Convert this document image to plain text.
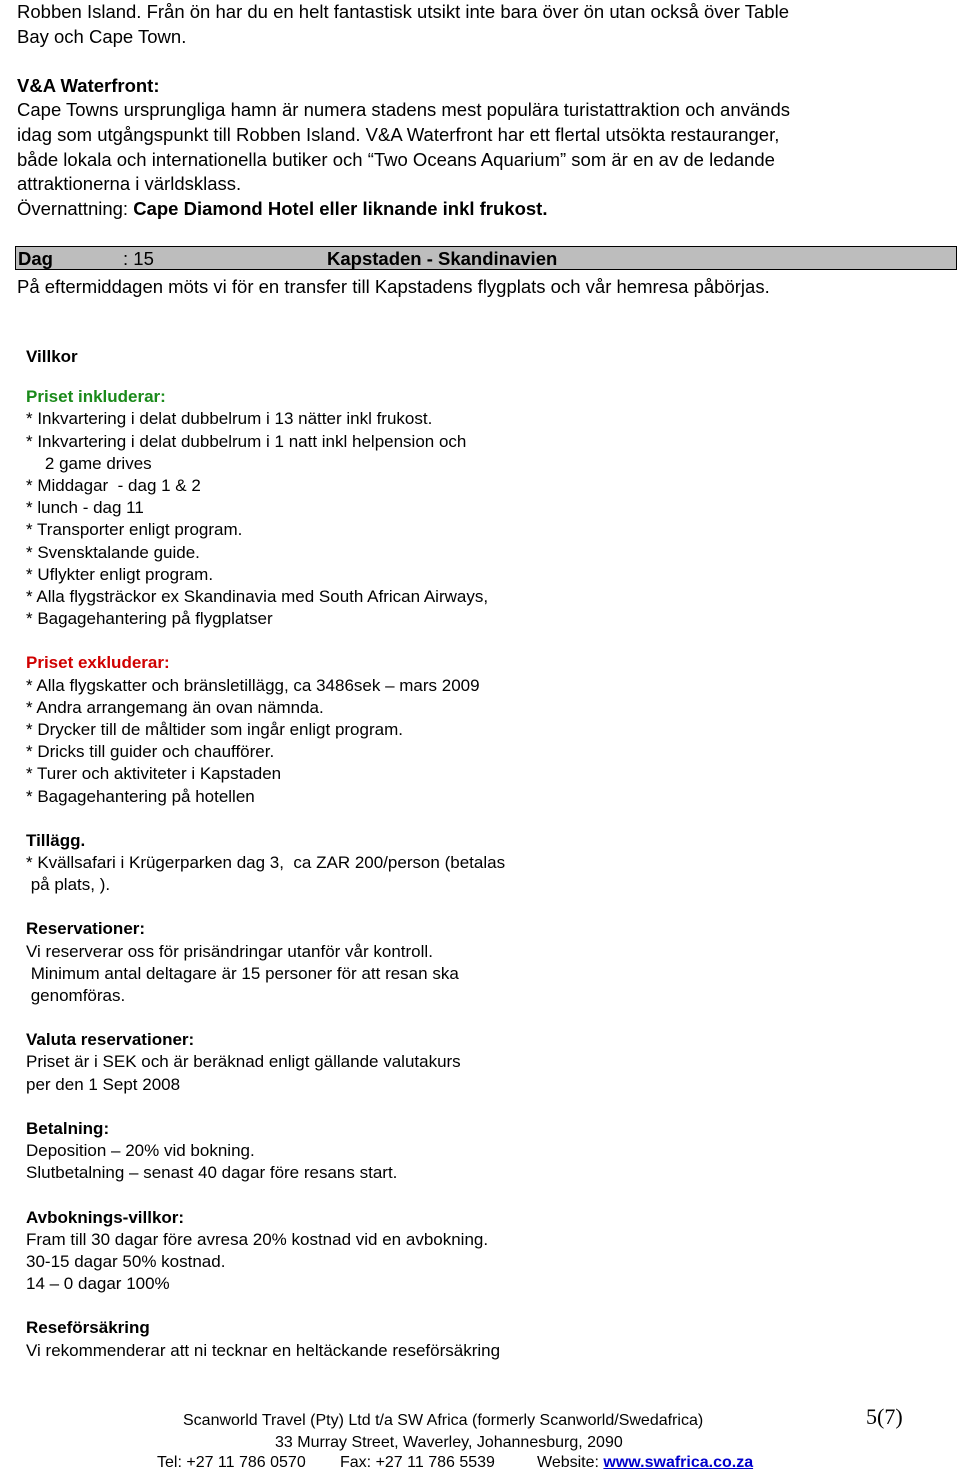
Robben Island. Från ön har du en helt fantastisk utsikt inte bara över ön utan också över Table

Bay och Cape Town.

V&A Waterfront:

Cape Towns ursprungliga hamn är numera stadens mest populära turistattraktion och används

idag som utgångspunkt till Robben Island. V&A Waterfront har ett flertal utsökta restauranger,

både lokala och internationella butiker och “Two Oceans Aquarium” som är en av de ledande

attraktionerna i världsklass.

Övernattning: Cape Diamond Hotel eller liknande inkl frukost.

Dag	: 15	Kapstaden - Skandinavien
På eftermiddagen möts vi för en transfer till Kapstadens flygplats och vår hemresa påbörjas.
Villkor
Priset inkluderar:
* Inkvartering i delat dubbelrum i 13 nätter inkl frukost.
* Inkvartering i delat dubbelrum i 1 natt inkl helpension och
2 game drives
* Middagar  - dag 1 & 2
* lunch - dag 11
* Transporter enligt program.
* Svensktalande guide.
* Uflykter enligt program.
* Alla flygsträckor ex Skandinavia med South African Airways,
* Bagagehantering på flygplatser
Priset exkluderar:
* Alla flygskatter och bränsletillägg, ca 3486sek – mars 2009
* Andra arrangemang än ovan nämnda.
* Drycker till de måltider som ingår enligt program.
* Dricks till guider och chaufförer.
* Turer och aktiviteter i Kapstaden
* Bagagehantering på hotellen
Tillägg.
* Kvällsafari i Krügerparken dag 3,  ca ZAR 200/person (betalas
på plats, ).
Reservationer:
Vi reserverar oss för prisändringar utanför vår kontroll.
Minimum antal deltagare är 15 personer för att resan ska
genomföras.
Valuta reservationer:
Priset är i SEK och är beräknad enligt gällande valutakurs
per den 1 Sept 2008
Betalning:
Deposition – 20% vid bokning.
Slutbetalning – senast 40 dagar före resans start.
Avboknings-villkor:
Fram till 30 dagar före avresa 20% kostnad vid en avbokning.
30-15 dagar 50% kostnad.
14 – 0 dagar 100%
Reseförsäkring
Vi rekommenderar att ni tecknar en heltäckande reseförsäkring
Scanworld Travel (Pty) Ltd t/a SW Africa (formerly Scanworld/Swedafrica)
33 Murray Street, Waverley, Johannesburg, 2090
Tel: +27 11 786 0570 Fax: +27 11 786 5539	Website: www.swafrica.co.za
5(7)
